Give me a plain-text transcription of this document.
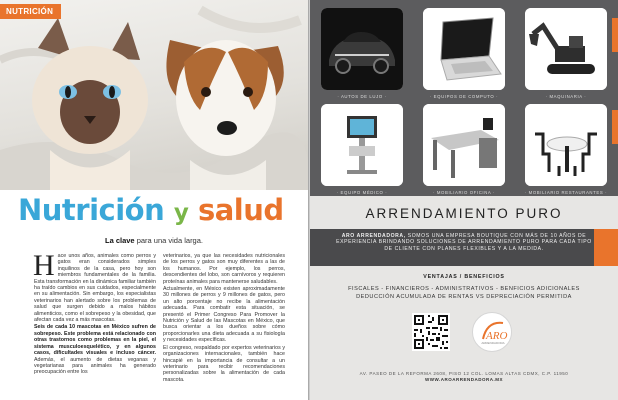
NUTRICIÓN
Nutrición y salud
La clave para una vida larga.
H ace unos años, animales como perros y gatos eran considerados simples inquilinos de la casa, pero hoy son miembros fundamentales de la familia. Esta transformación en la dinámica familiar también ha traído cambios en sus cuidados, especialmente en su alimentación. Sin embargo, los especialistas veterinarios han alertado sobre los problemas de salud que surgen debido a malos hábitos alimenticios, como el sobrepeso y la obesidad, que afectan cada vez a más mascotas.

Seis de cada 10 mascotas en México sufren de sobrepeso. Este problema está relacionado con otras trastornos como problemas en la piel, el sistema musculoesquelético, y en algunos casos, dificultades visuales e incluso cáncer. Además, el aumento de dietas veganas y vegetarianas para animales ha generado preocupación entre los

veterinarios, ya que las necesidades nutricionales de los perros y gatos son muy diferentes a las de los humanos. Por ejemplo, los perros, descendientes del lobo, son carnívoros y requieren proteínas animales para mantenerse saludables.

Actualmente, en México existen aproximadamente 30 millones de perros y 9 millones de gatos, pero un alto porcentaje no recibe la alimentación adecuada. Para combatir esta situación, se presentó el Primer Congreso Para Promover la Nutrición y Salud de las Mascotas en México, que busca orientar a los dueños sobre cómo proporcionarles una dieta adecuada a su fisiología y necesidades específicas.

El congreso, respaldado por expertos veterinarios y organizaciones internacionales, también hace hincapié en la importancia de consultar a un veterinario para recibir recomendaciones personalizadas sobre la alimentación de cada mascota.

· AUTOS DE LUJO ·	· EQUIPOS DE COMPUTO ·	· MAQUINARIA ·
· EQUIPO MÉDICO ·	· MOBILIARIO OFICINA ·	· MOBILIARIO RESTAURANTES ·
ARRENDAMIENTO PURO
ARO ARRENDADORA, SOMOS UNA EMPRESA BOUTIQUE CON MÁS DE 10 AÑOS DE EXPERIENCIA BRINDANDO SOLUCIONES DE ARRENDAMIENTO PURO PARA CADA TIPO DE CLIENTE CON PLANES FLEXIBLES Y A LA MEDIDA.
VENTAJAS / BENEFICIOS
FISCALES - FINANCIEROS - ADMINISTRATIVOS - BENFICIOS ADICIONALES
DEDUCCIÓN ACUMULADA DE RENTAS VS DEPRECIACIÓN PERMITIDA
ARO
ARRENDADORA
AV. PASEO DE LA REFORMA 2608, PISO 12 COL. LOMAS ALTAS CDMX, C.P. 11950
WWW.AROARRENDADORA.MX
